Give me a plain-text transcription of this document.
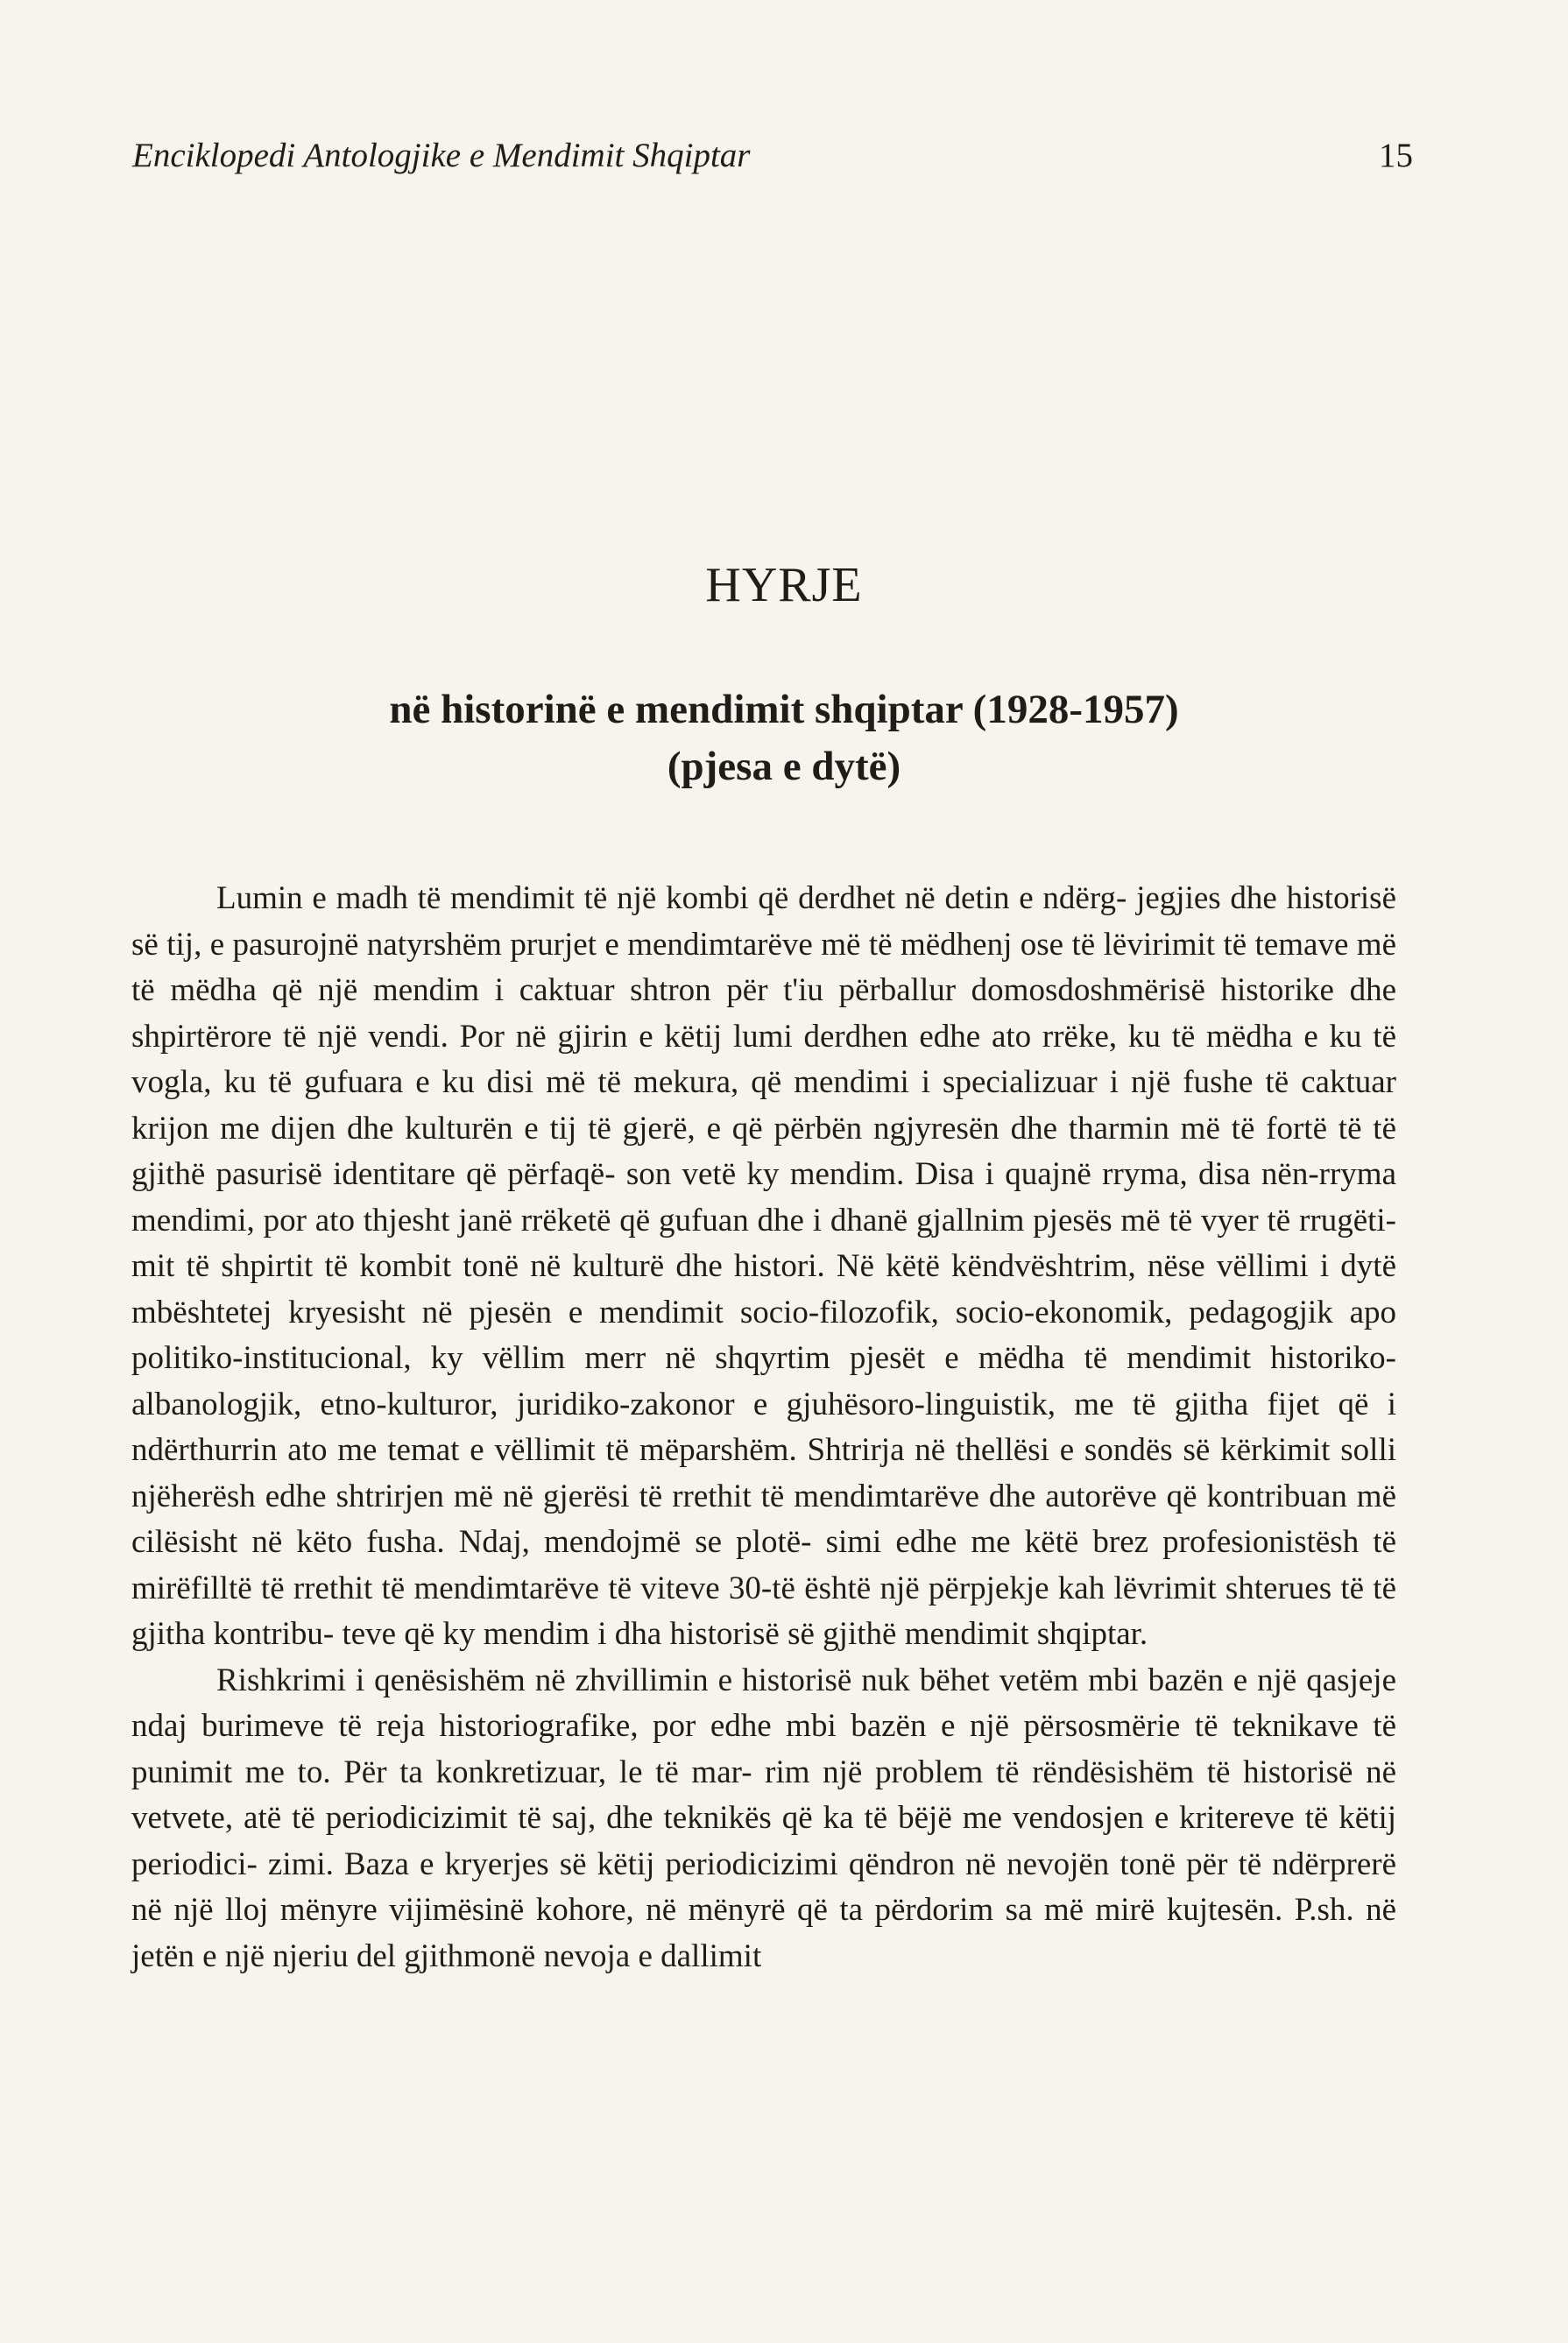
Enciklopedi Antologjike e Mendimit Shqiptar	15
HYRJE
në historinë e mendimit shqiptar (1928-1957)
(pjesa e dytë)

Lumin e madh të mendimit të një kombi që derdhet në detin e ndërg- jegjies dhe historisë së tij, e pasurojnë natyrshëm prurjet e mendimtarëve më të mëdhenj ose të lëvirimit të temave më të mëdha që një mendim i caktuar shtron për t'iu përballur domosdoshmërisë historike dhe shpirtërore të një vendi. Por në gjirin e këtij lumi derdhen edhe ato rrëke, ku të mëdha e ku të vogla, ku të gufuara e ku disi më të mekura, që mendimi i specializuar i një fushe të caktuar krijon me dijen dhe kulturën e tij të gjerë, e që përbën ngjyresën dhe tharmin më të fortë të të gjithë pasurisë identitare që përfaqë- son vetë ky mendim. Disa i quajnë rryma, disa nën-rryma mendimi, por ato thjesht janë rrëketë që gufuan dhe i dhanë gjallnim pjesës më të vyer të rrugëti- mit të shpirtit të kombit tonë në kulturë dhe histori. Në këtë këndvështrim, nëse vëllimi i dytë mbështetej kryesisht në pjesën e mendimit socio-filozofik, socio-ekonomik, pedagogjik apo politiko-institucional, ky vëllim merr në shqyrtim pjesët e mëdha të mendimit historiko-albanologjik, etno-kulturor, juridiko-zakonor e gjuhësoro-linguistik, me të gjitha fijet që i ndërthurrin ato me temat e vëllimit të mëparshëm. Shtrirja në thellësi e sondës së kërkimit solli njëherësh edhe shtrirjen më në gjerësi të rrethit të mendimtarëve dhe autorëve që kontribuan më cilësisht në këto fusha. Ndaj, mendojmë se plotë- simi edhe me këtë brez profesionistësh të mirëfilltë të rrethit të mendimtarëve të viteve 30-të është një përpjekje kah lëvrimit shterues të të gjitha kontribu- teve që ky mendim i dha historisë së gjithë mendimit shqiptar.

Rishkrimi i qenësishëm në zhvillimin e historisë nuk bëhet vetëm mbi bazën e një qasjeje ndaj burimeve të reja historiografike, por edhe mbi bazën e një përsosmërie të teknikave të punimit me to. Për ta konkretizuar, le të mar- rim një problem të rëndësishëm të historisë në vetvete, atë të periodicizimit të saj, dhe teknikës që ka të bëjë me vendosjen e kritereve të këtij periodici- zimi. Baza e kryerjes së këtij periodicizimi qëndron në nevojën tonë për të ndërprerë në një lloj mënyre vijimësinë kohore, në mënyrë që ta përdorim sa më mirë kujtesën. P.sh. në jetën e një njeriu del gjithmonë nevoja e dallimit
